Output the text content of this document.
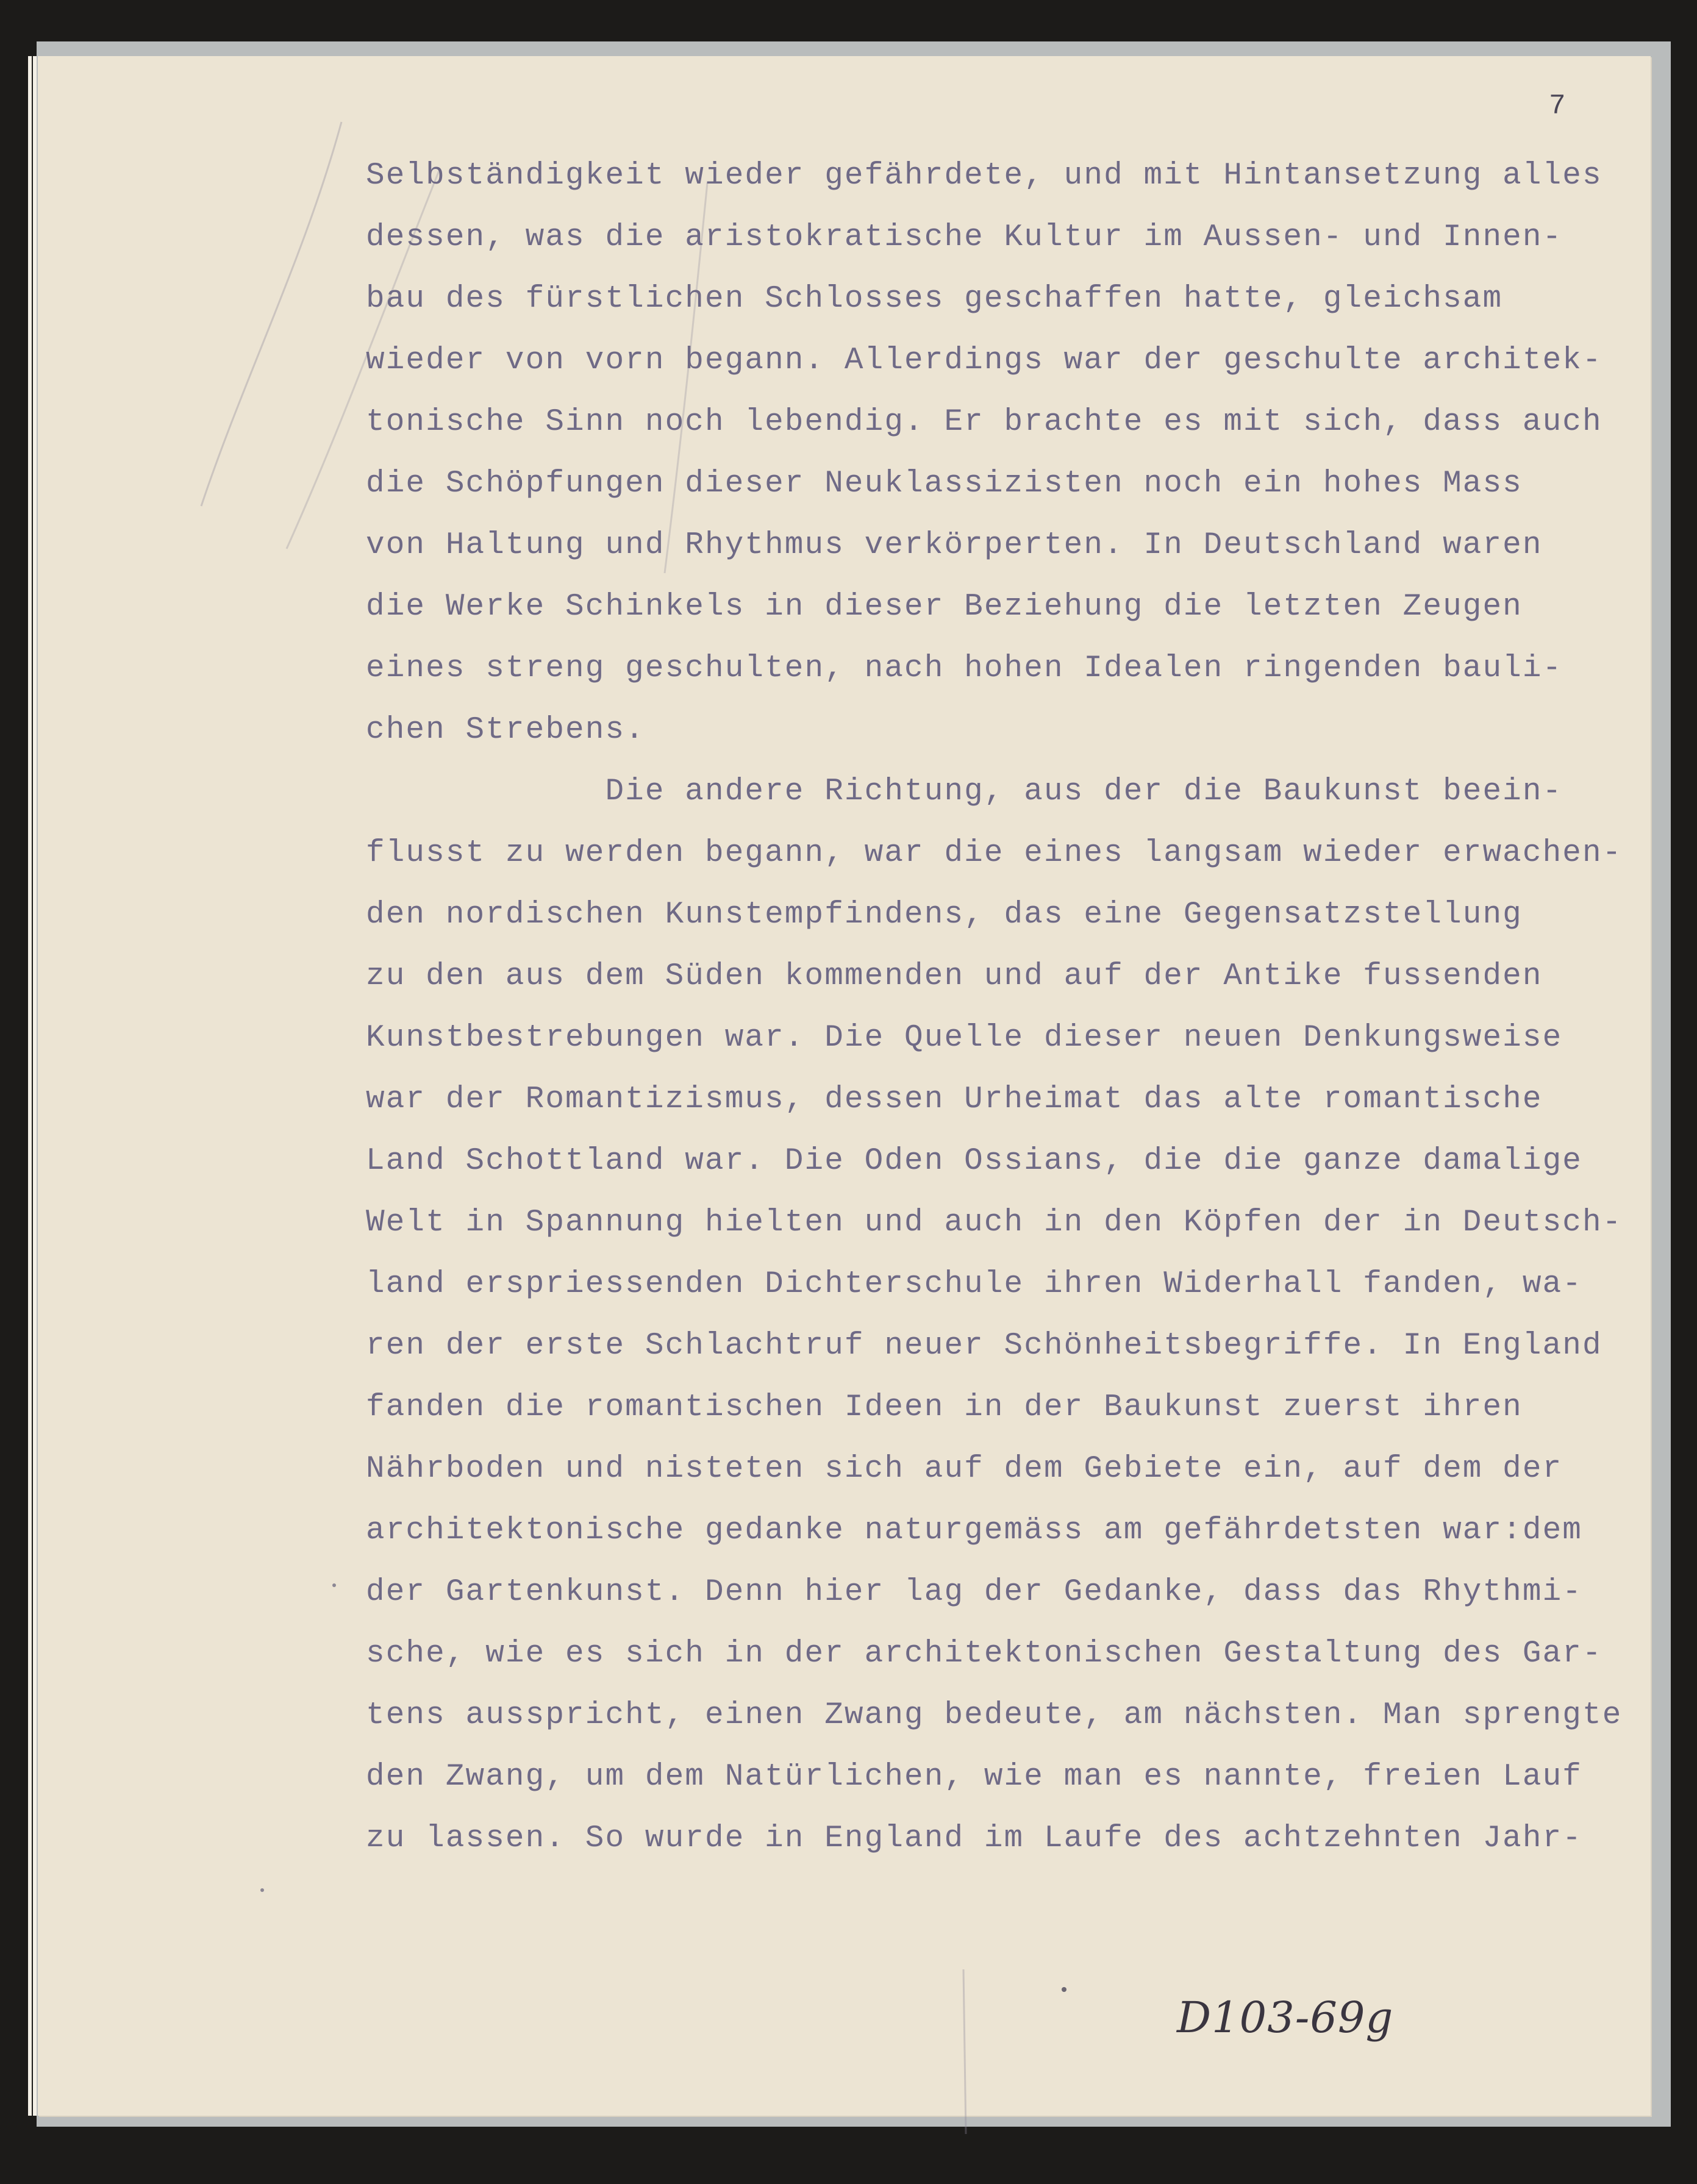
7
Selbständigkeit wieder gefährdete, und mit Hintansetzung alles
dessen, was die aristokratische Kultur im Aussen- und Innen-
bau des fürstlichen Schlosses geschaffen hatte, gleichsam
wieder von vorn begann. Allerdings war der geschulte architek-
tonische Sinn noch lebendig. Er brachte es mit sich, dass auch
die Schöpfungen dieser Neuklassizisten noch ein hohes Mass
von Haltung und Rhythmus verkörperten. In Deutschland waren
die Werke Schinkels in dieser Beziehung die letzten Zeugen
eines streng geschulten, nach hohen Idealen ringenden bauli-
chen Strebens.
Die andere Richtung, aus der die Baukunst beein-
flusst zu werden begann, war die eines langsam wieder erwachen-
den nordischen Kunstempfindens, das eine Gegensatzstellung
zu den aus dem Süden kommenden und auf der Antike fussenden
Kunstbestrebungen war. Die Quelle dieser neuen Denkungsweise
war der Romantizismus, dessen Urheimat das alte romantische
Land Schottland war. Die Oden Ossians, die die ganze damalige
Welt in Spannung hielten und auch in den Köpfen der in Deutsch-
land erspriessenden Dichterschule ihren Widerhall fanden, wa-
ren der erste Schlachtruf neuer Schönheitsbegriffe. In England
fanden die romantischen Ideen in der Baukunst zuerst ihren
Nährboden und nisteten sich auf dem Gebiete ein, auf dem der
architektonische gedanke naturgemäss am gefährdetsten war:dem
der Gartenkunst. Denn hier lag der Gedanke, dass das Rhythmi-
sche, wie es sich in der architektonischen Gestaltung des Gar-
tens ausspricht, einen Zwang bedeute, am nächsten. Man sprengte
den Zwang, um dem Natürlichen, wie man es nannte, freien Lauf
zu lassen. So wurde in England im Laufe des achtzehnten Jahr-
D103-69g
